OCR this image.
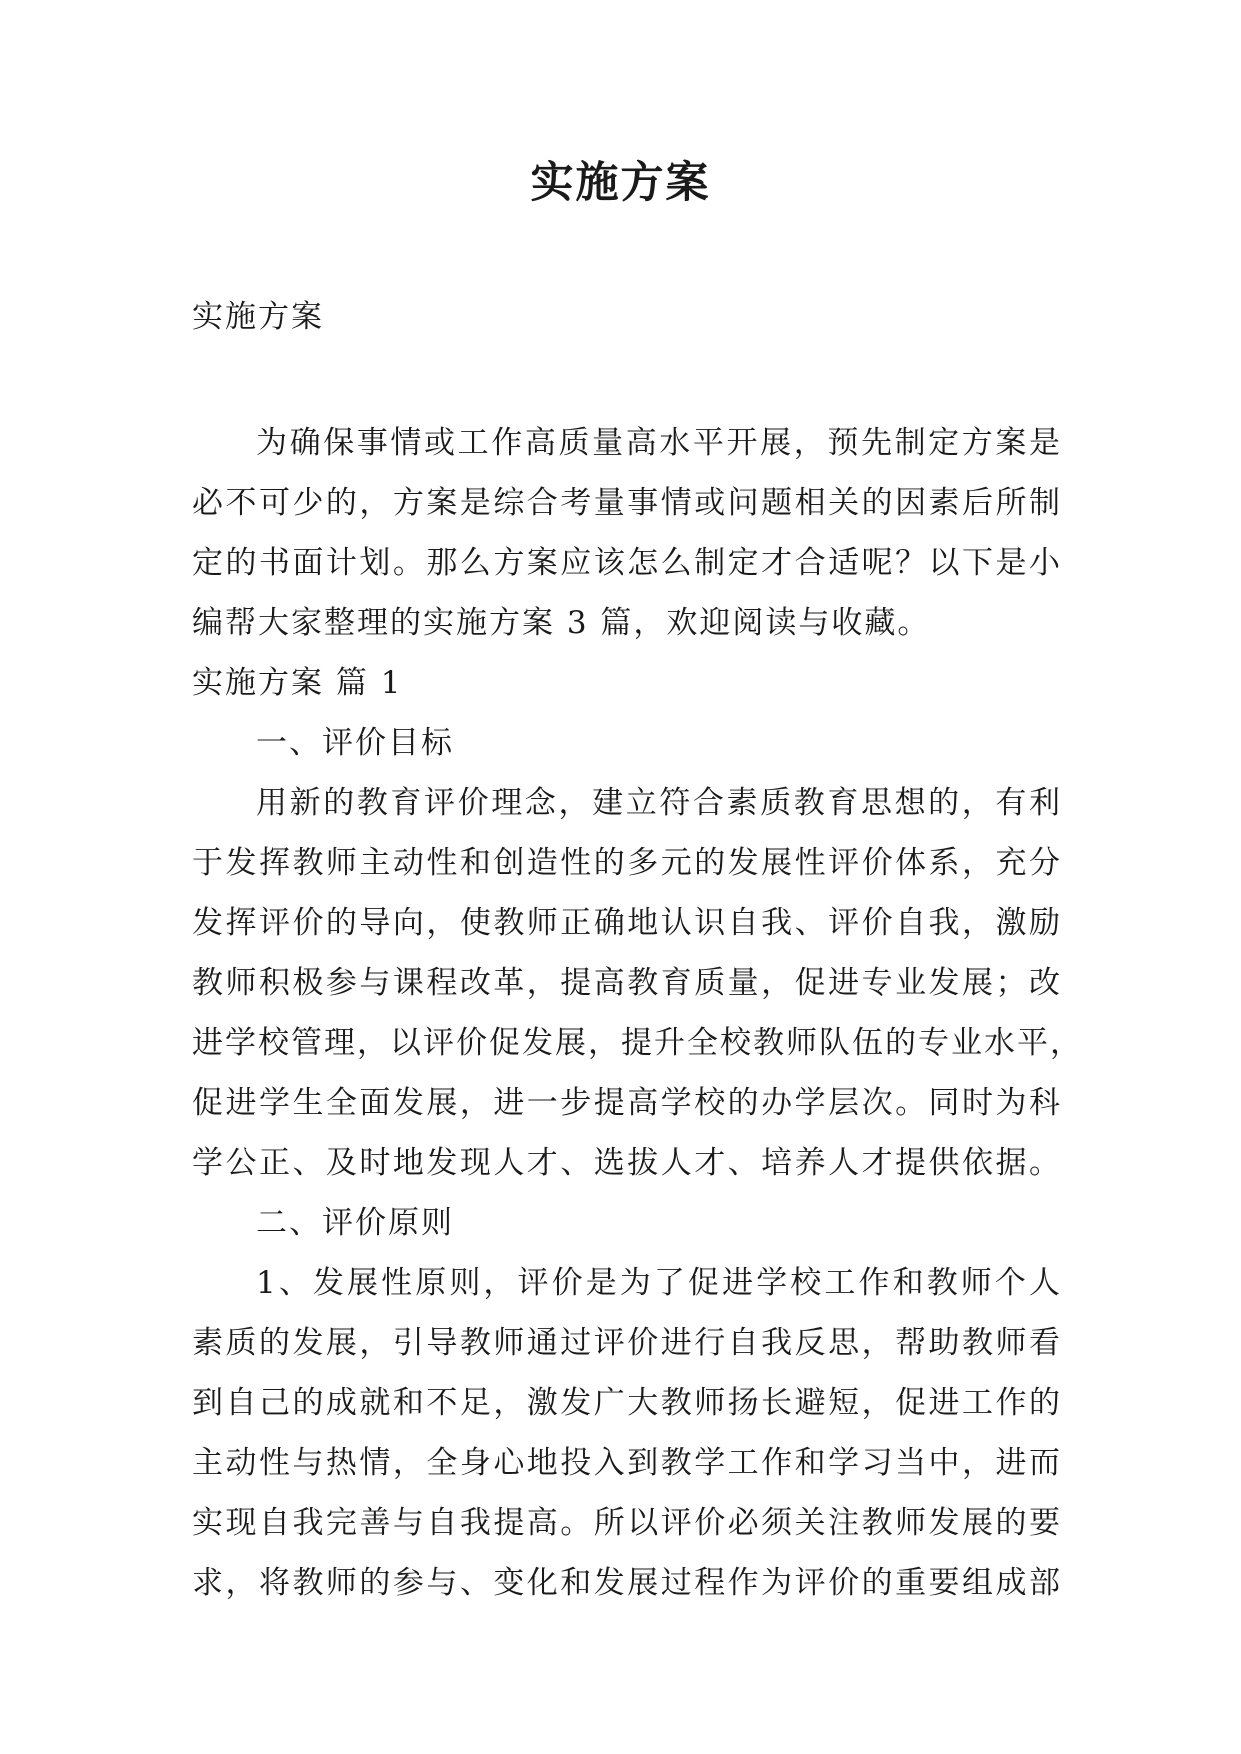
实施方案

实施方案

为确保事情或工作高质量高水平开展，预先制定方案是

必不可少的，方案是综合考量事情或问题相关的因素后所制

定的书面计划。那么方案应该怎么制定才合适呢？以下是小

编帮大家整理的实施方案 3 篇，欢迎阅读与收藏。

实施方案 篇 1

一、评价目标

用新的教育评价理念，建立符合素质教育思想的，有利

于发挥教师主动性和创造性的多元的发展性评价体系，充分

发挥评价的导向，使教师正确地认识自我、评价自我，激励

教师积极参与课程改革，提高教育质量，促进专业发展；改

进学校管理，以评价促发展，提升全校教师队伍的专业水平，

促进学生全面发展，进一步提高学校的办学层次。同时为科

学公正、及时地发现人才、选拔人才、培养人才提供依据。

二、评价原则

1、发展性原则，评价是为了促进学校工作和教师个人

素质的发展，引导教师通过评价进行自我反思，帮助教师看

到自己的成就和不足，激发广大教师扬长避短，促进工作的

主动性与热情，全身心地投入到教学工作和学习当中，进而

实现自我完善与自我提高。所以评价必须关注教师发展的要

求，将教师的参与、变化和发展过程作为评价的重要组成部
